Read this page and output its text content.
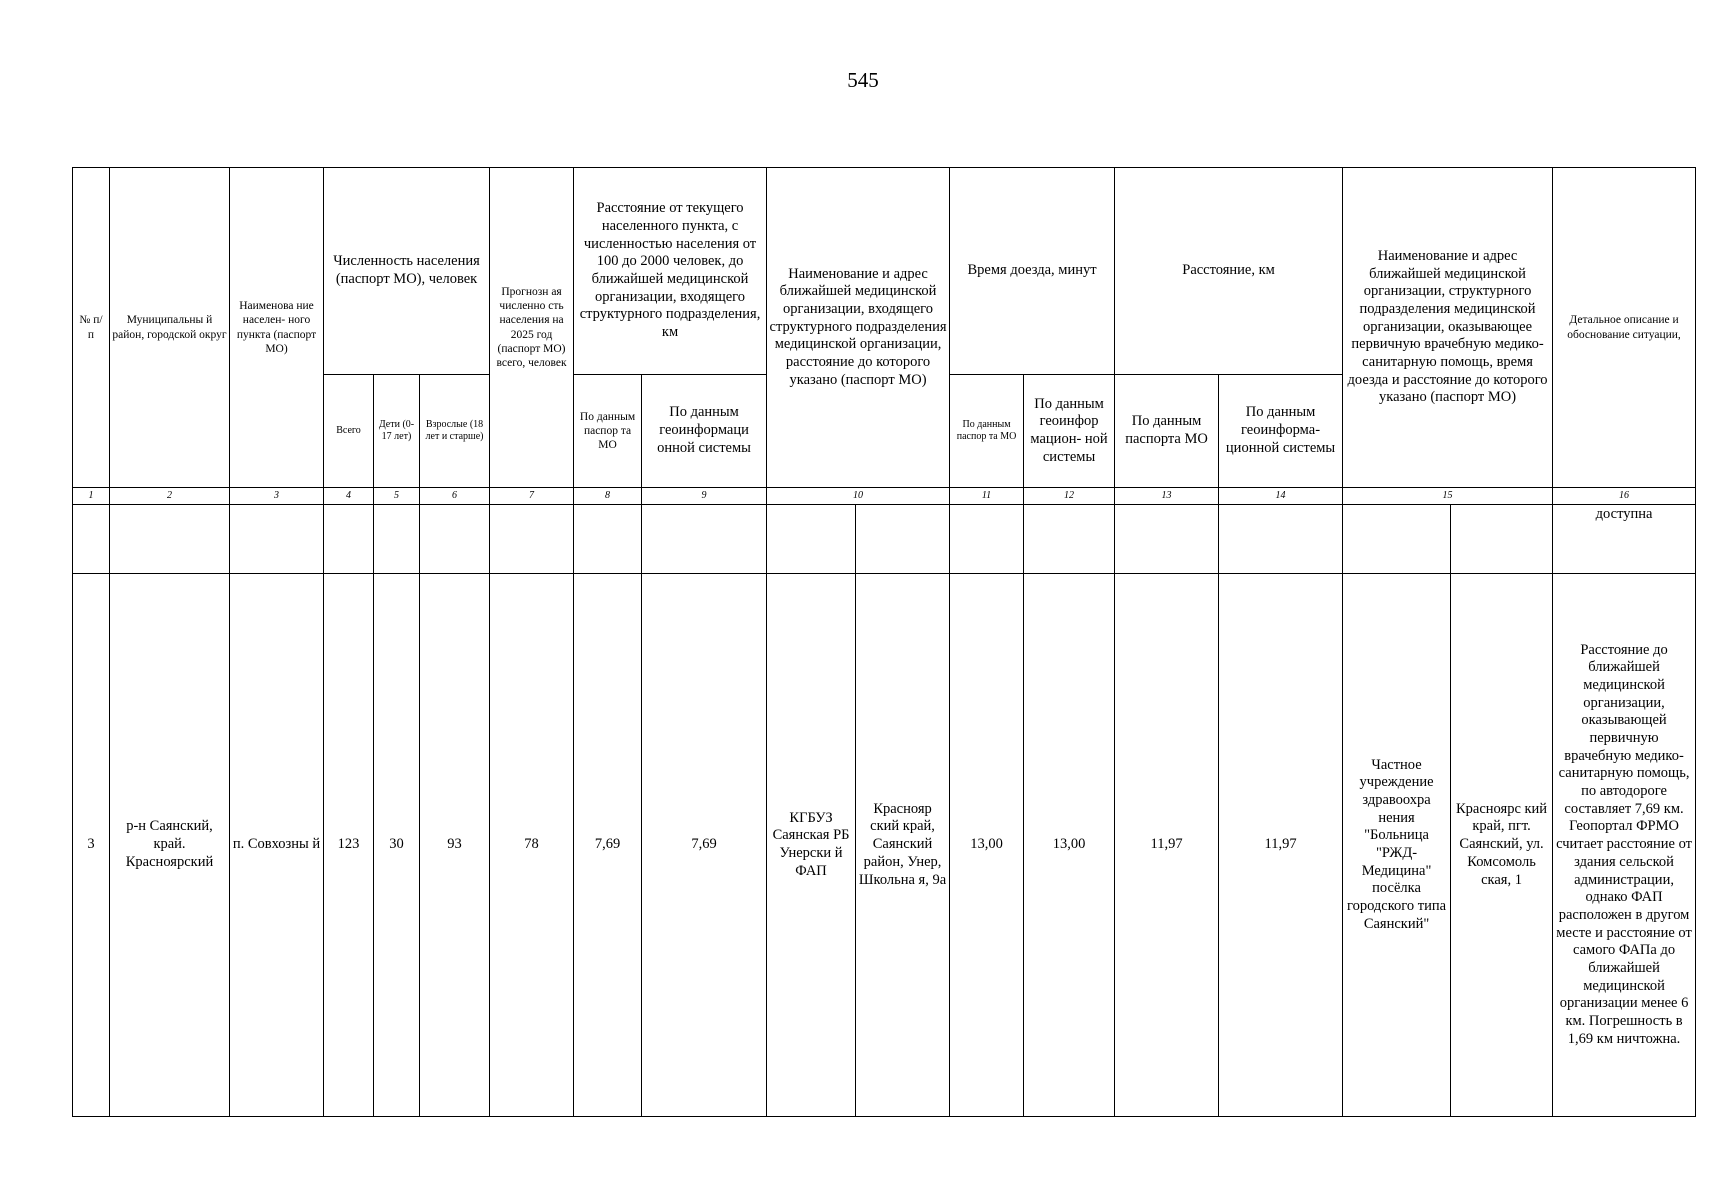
545
№ п/ п	Муниципальны й район, городской округ	Наименова ние населен- ного пункта (паспорт МО)	Численность населения (паспорт МО), человек			Прогнозн ая численно сть населения на 2025 год (паспорт МО) всего, человек	Расстояние от текущего населенного пункта, с численностью населения от 100 до 2000 человек, до ближайшей медицинской организации, входящего структурного подразделения, км		Наименование и адрес ближайшей медицинской организации, входящего структурного подразделения медицинской организации, расстояние до которого указано (паспорт МО)		Время доезда, минут		Расстояние, км		Наименование и адрес ближайшей медицинской организации, структурного подразделения медицинской организации, оказывающее первичную врачебную медико- санитарную помощь, время доезда и расстояние до которого указано (паспорт МО)		Детальное описание и обоснование ситуации,
			Всего	Дети (0-17 лет)	Взрослые (18 лет и старше)		По данным паспор та МО	По данным геоинформаци онной системы			По данным паспор та МО	По данным геоинфор мацион- ной системы	По данным паспорта МО	По данным геоинформа- ционной системы			
1	2	3	4	5	6	7	8	9	10		11	12	13	14	15		16
																	доступна
3	р-н Саянский, край. Красноярский	п. Совхозны й	123	30	93	78	7,69	7,69	КГБУЗ Саянская РБ Унерски й ФАП	Краснояр ский край, Саянский район, Унер, Школьна я, 9а	13,00	13,00	11,97	11,97	Частное учреждение здравоохра нения "Больница "РЖД- Медицина" посёлка городского типа Саянский"	Красноярс кий край, пгт. Саянский, ул. Комсомоль ская, 1	Расстояние до ближайшей медицинской организации, оказывающей первичную врачебную медико- санитарную помощь, по автодороге составляет 7,69 км. Геопортал ФРМО считает расстояние от здания сельской администрации, однако ФАП расположен в другом месте и расстояние от самого ФАПа до ближайшей медицинской организации менее 6 км. Погрешность в 1,69 км ничтожна.
